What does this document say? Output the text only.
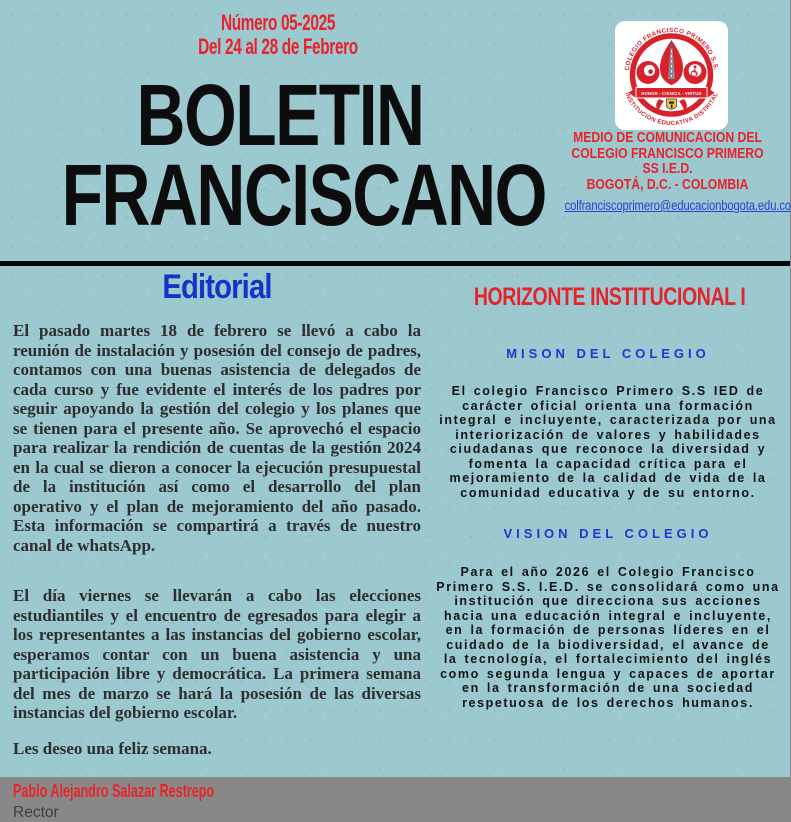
Número 05-2025
Del 24 al 28 de Febrero
BOLETIN
FRANCISCANO
COLEGIO FRANCISCO PRIMERO S.S.
INSTITUCION EDUCATIVA DISTRITAL
HONOR - CIENCIA - VIRTUD
MEDIO DE COMUNICACION DEL
COLEGIO FRANCISCO PRIMERO SS I.E.D.
BOGOTÁ, D.C. - COLOMBIA
colfranciscoprimero@educacionbogota.edu.co
Editorial

El pasado martes 18 de febrero se llevó a cabo la reunión de instalación y posesión del consejo de padres, contamos con una buenas asistencia de delegados de cada curso y fue evidente el interés de los padres por seguir apoyando la gestión del colegio y los planes que se tienen para el presente año. Se aprovechó el espacio para realizar la rendición de cuentas de la gestión 2024 en la cual se dieron a conocer la ejecución presupuestal de la institución así como el desarrollo del plan operativo y el plan de mejoramiento del año pasado. Esta información se compartirá a través de nuestro canal de whatsApp.

El día viernes se llevarán a cabo las elecciones estudiantiles y el encuentro de egresados para elegir a los representantes a las instancias del gobierno escolar, esperamos contar con un buena asistencia y una participación libre y democrática. La primera semana del mes de marzo se hará la posesión de las diversas instancias del gobierno escolar.

Les deseo una feliz semana.

Pablo Alejandro Salazar Restrepo
Rector
HORIZONTE INSTITUCIONAL I
MISON DEL COLEGIO

El colegio Francisco Primero S.S IED de carácter oficial orienta una formación integral e incluyente, caracterizada por una interiorización de valores y habilidades ciudadanas que reconoce la diversidad y fomenta la capacidad crítica para el mejoramiento de la calidad de vida de la comunidad educativa y de su entorno.

VISION DEL COLEGIO

Para el año 2026 el Colegio Francisco Primero S.S. I.E.D. se consolidará como una institución que direcciona sus acciones hacia una educación integral e incluyente, en la formación de personas líderes en el cuidado de la biodiversidad, el avance de la tecnología, el fortalecimiento del inglés como segunda lengua y capaces de aportar en la transformación de una sociedad respetuosa de los derechos humanos.
